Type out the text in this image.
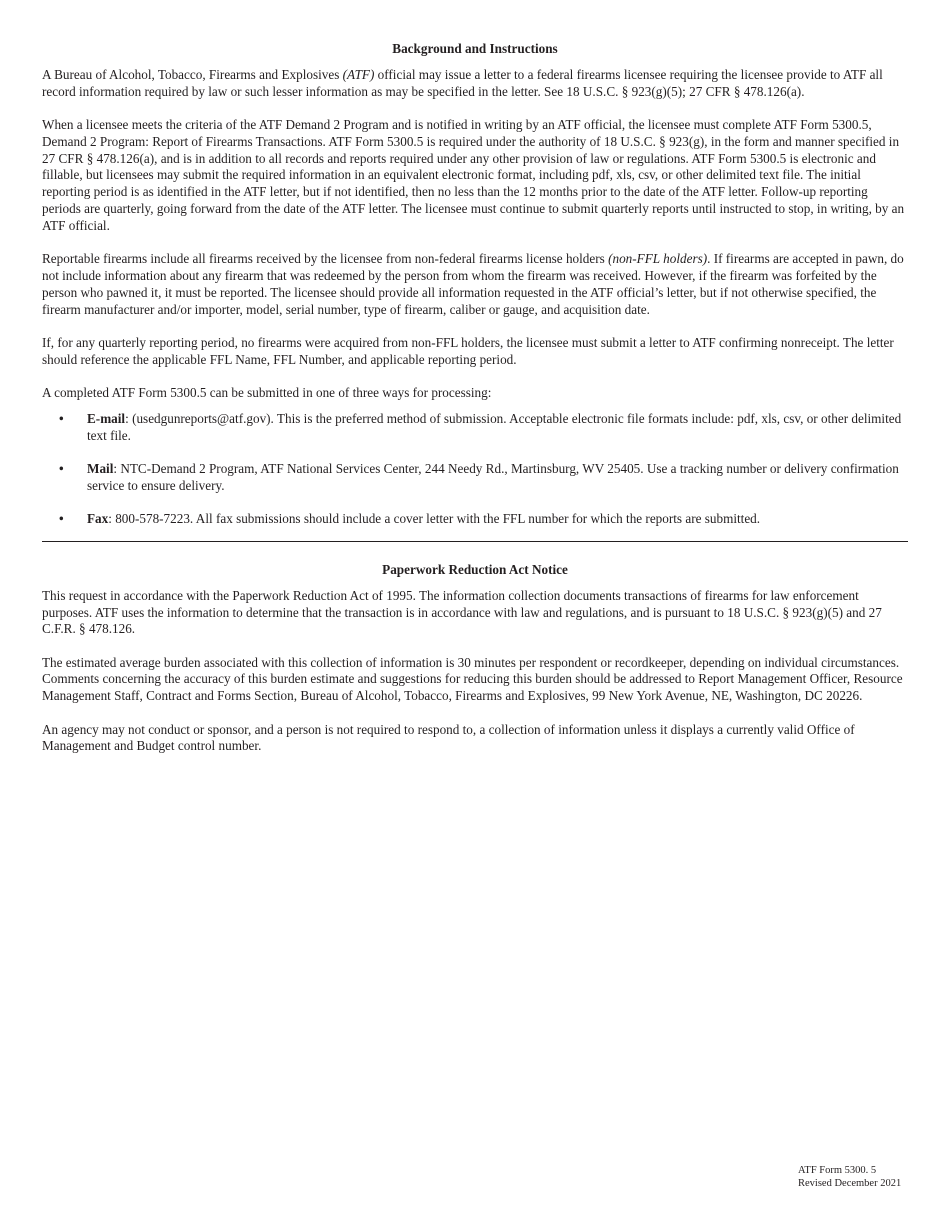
Background and Instructions

A Bureau of Alcohol, Tobacco, Firearms and Explosives (ATF) official may issue a letter to a federal firearms licensee requiring the licensee provide to ATF all record information required by law or such lesser information as may be specified in the letter. See 18 U.S.C. § 923(g)(5); 27 CFR § 478.126(a).

When a licensee meets the criteria of the ATF Demand 2 Program and is notified in writing by an ATF official, the licensee must complete ATF Form 5300.5, Demand 2 Program: Report of Firearms Transactions. ATF Form 5300.5 is required under the authority of 18 U.S.C. § 923(g), in the form and manner specified in 27 CFR § 478.126(a), and is in addition to all records and reports required under any other provision of law or regulations. ATF Form 5300.5 is electronic and fillable, but licensees may submit the required information in an equivalent electronic format, including pdf, xls, csv, or other delimited text file. The initial reporting period is as identified in the ATF letter, but if not identified, then no less than the 12 months prior to the date of the ATF letter. Follow-up reporting periods are quarterly, going forward from the date of the ATF letter. The licensee must continue to submit quarterly reports until instructed to stop, in writing, by an ATF official.

Reportable firearms include all firearms received by the licensee from non-federal firearms license holders (non-FFL holders). If firearms are accepted in pawn, do not include information about any firearm that was redeemed by the person from whom the firearm was received. However, if the firearm was forfeited by the person who pawned it, it must be reported. The licensee should provide all information requested in the ATF official’s letter, but if not otherwise specified, the firearm manufacturer and/or importer, model, serial number, type of firearm, caliber or gauge, and acquisition date.

If, for any quarterly reporting period, no firearms were acquired from non-FFL holders, the licensee must submit a letter to ATF confirming nonreceipt. The letter should reference the applicable FFL Name, FFL Number, and applicable reporting period.

A completed ATF Form 5300.5 can be submitted in one of three ways for processing:

• E-mail: (usedgunreports@atf.gov). This is the preferred method of submission. Acceptable electronic file formats include: pdf, xls, csv, or other delimited text file.
• Mail: NTC-Demand 2 Program, ATF National Services Center, 244 Needy Rd., Martinsburg, WV 25405. Use a tracking number or delivery confirmation service to ensure delivery.
• Fax: 800-578-7223. All fax submissions should include a cover letter with the FFL number for which the reports are submitted.
Paperwork Reduction Act Notice

This request in accordance with the Paperwork Reduction Act of 1995. The information collection documents transactions of firearms for law enforcement purposes. ATF uses the information to determine that the transaction is in accordance with law and regulations, and is pursuant to 18 U.S.C. § 923(g)(5) and 27 C.F.R. § 478.126.

The estimated average burden associated with this collection of information is 30 minutes per respondent or recordkeeper, depending on individual circumstances. Comments concerning the accuracy of this burden estimate and suggestions for reducing this burden should be addressed to Report Management Officer, Resource Management Staff, Contract and Forms Section, Bureau of Alcohol, Tobacco, Firearms and Explosives, 99 New York Avenue, NE, Washington, DC 20226.

An agency may not conduct or sponsor, and a person is not required to respond to, a collection of information unless it displays a currently valid Office of Management and Budget control number.

ATF Form 5300. 5
Revised December 2021
